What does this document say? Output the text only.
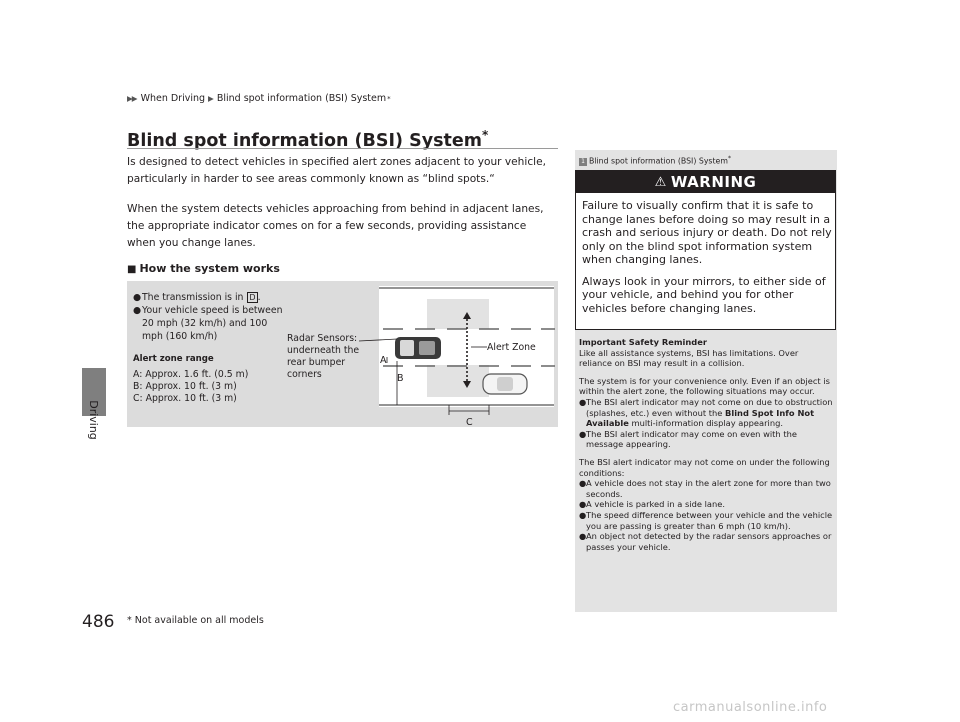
Driving
▶ ▶ When Driving ▶ Blind spot information (BSI) System *
Blind spot information (BSI) System*
Is designed to detect vehicles in specified alert zones adjacent to your vehicle, particularly in harder to see areas commonly known as “blind spots.“
When the system detects vehicles approaching from behind in adjacent lanes, the appropriate indicator comes on for a few seconds, providing assistance when you change lanes.
■ How the system works
A
B
C
Alert Zone
● The transmission is in D .
● Your vehicle speed is between 20 mph (32 km/h) and 100 mph (160 km/h)
Alert zone range
A: Approx. 1.6 ft. (0.5 m)
B: Approx. 10 ft. (3 m)
C: Approx. 10 ft. (3 m)
Radar Sensors: underneath the rear bumper corners
1 Blind spot information (BSI) System*
⚠ WARNING

Failure to visually confirm that it is safe to change lanes before doing so may result in a crash and serious injury or death. Do not rely only on the blind spot information system when changing lanes.

Always look in your mirrors, to either side of your vehicle, and behind you for other vehicles before changing lanes.

Important Safety Reminder
Like all assistance systems, BSI has limitations. Over reliance on BSI may result in a collision.

The system is for your convenience only. Even if an object is within the alert zone, the following situations may occur.

● The BSI alert indicator may not come on due to obstruction (splashes, etc.) even without the Blind Spot Info Not Available multi-information display appearing.
● The BSI alert indicator may come on even with the message appearing.

The BSI alert indicator may not come on under the following conditions:

● A vehicle does not stay in the alert zone for more than two seconds.
● A vehicle is parked in a side lane.
● The speed difference between your vehicle and the vehicle you are passing is greater than 6 mph (10 km/h).
● An object not detected by the radar sensors approaches or passes your vehicle.
486 * Not available on all models
carmanualsonline.info
